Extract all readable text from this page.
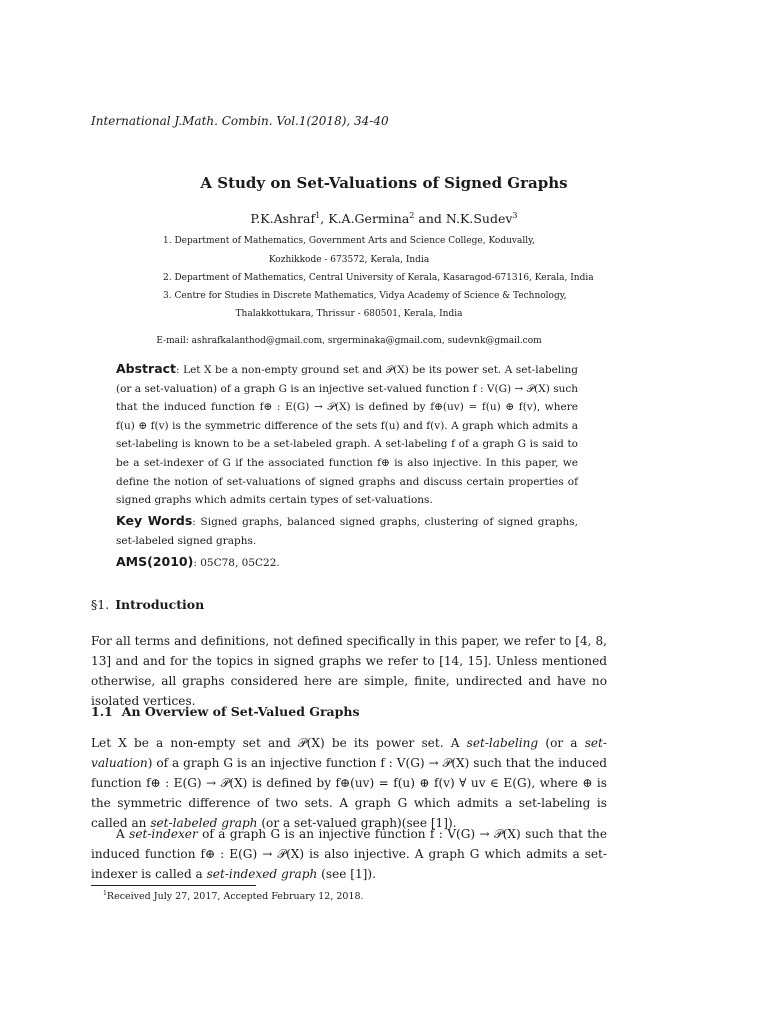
International J.Math. Combin. Vol.1(2018), 34-40

A Study on Set-Valuations of Signed Graphs

P.K.Ashraf$^1$, K.A.Germina$^2$ and N.K.Sudev$^3$

1. Department of Mathematics, Government Arts and Science College, Koduvally,

Kozhikkode - 673572, Kerala, India

2. Department of Mathematics, Central University of Kerala, Kasaragod-671316, Kerala, India

3. Centre for Studies in Discrete Mathematics, Vidya Academy of Science & Technology,

Thalakkottukara, Thrissur - 680501, Kerala, India

E-mail: ashrafkalanthod@gmail.com, srgerminaka@gmail.com, sudevnk@gmail.com

Abstract: Let X be a non-empty ground set and 𝒫(X) be its power set. A set-labeling (or a set-valuation) of a graph G is an injective set-valued function f : V(G) → 𝒫(X) such that the induced function f⊕ : E(G) → 𝒫(X) is defined by f⊕(uv) = f(u) ⊕ f(v), where f(u) ⊕ f(v) is the symmetric difference of the sets f(u) and f(v). A graph which admits a set-labeling is known to be a set-labeled graph. A set-labeling f of a graph G is said to be a set-indexer of G if the associated function f⊕ is also injective. In this paper, we define the notion of set-valuations of signed graphs and discuss certain properties of signed graphs which admits certain types of set-valuations.
Key Words: Signed graphs, balanced signed graphs, clustering of signed graphs, set-labeled signed graphs.
AMS(2010): 05C78, 05C22.
§1. Introduction

For all terms and definitions, not defined specifically in this paper, we refer to [4, 8, 13] and and for the topics in signed graphs we refer to [14, 15]. Unless mentioned otherwise, all graphs considered here are simple, finite, undirected and have no isolated vertices.

1.1 An Overview of Set-Valued Graphs

Let X be a non-empty set and 𝒫(X) be its power set. A set-labeling (or a set-valuation) of a graph G is an injective function f : V(G) → 𝒫(X) such that the induced function f⊕ : E(G) → 𝒫(X) is defined by f⊕(uv) = f(u) ⊕ f(v) ∀ uv ∈ E(G), where ⊕ is the symmetric difference of two sets. A graph G which admits a set-labeling is called an set-labeled graph (or a set-valued graph)(see [1]).

A set-indexer of a graph G is an injective function f : V(G) → 𝒫(X) such that the induced function f⊕ : E(G) → 𝒫(X) is also injective. A graph G which admits a set-indexer is called a set-indexed graph (see [1]).

$^1$Received July 27, 2017, Accepted February 12, 2018.
